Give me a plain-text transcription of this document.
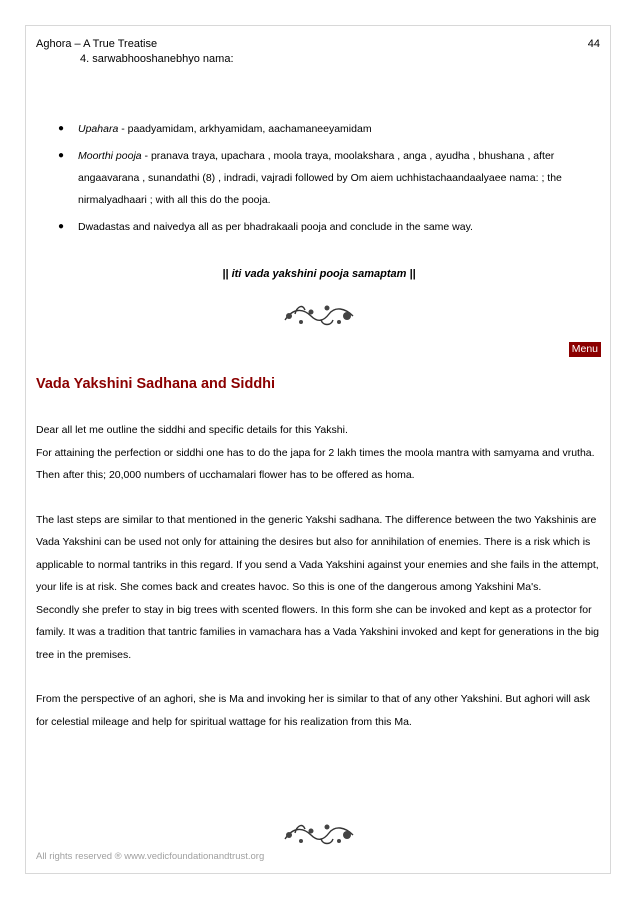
Aghora – A True Treatise	44
4. sarwabhooshanebhyo nama:
● Upahara - paadyamidam, arkhyamidam, aachamaneeyamidam
● Moorthi pooja - pranava traya, upachara , moola traya, moolakshara , anga , ayudha , bhushana , after angaavarana , sunandathi (8) , indradi, vajradi followed by Om aiem uchhistachaandaalyaee nama: ; the nirmalyadhaari ; with all this do the pooja.
● Dwadastas and naivedya all as per bhadrakaali pooja and conclude in the same way.
|| iti vada yakshini pooja samaptam ||
Menu
Vada Yakshini Sadhana and Siddhi

Dear all let me outline the siddhi and specific details for this Yakshi.

For attaining the perfection or siddhi one has to do the japa for 2 lakh times the moola mantra with samyama and vrutha. Then after this; 20,000 numbers of ucchamalari flower has to be offered as homa.

The last steps are similar to that mentioned in the generic Yakshi sadhana. The difference between the two Yakshinis are Vada Yakshini can be used not only for attaining the desires but also for annihilation of enemies. There is a risk which is applicable to normal tantriks in this regard. If you send a Vada Yakshini against your enemies and she fails in the attempt, your life is at risk. She comes back and creates havoc. So this is one of the dangerous among Yakshini Ma's.

Secondly she prefer to stay in big trees with scented flowers. In this form she can be invoked and kept as a protector for family. It was a tradition that tantric families in vamachara has a Vada Yakshini invoked and kept for generations in the big tree in the premises.

From the perspective of an aghori, she is Ma and invoking her is similar to that of any other Yakshini. But aghori will ask for celestial mileage and help for spiritual wattage for his realization from this Ma.

All rights reserved ® www.vedicfoundationandtrust.org
